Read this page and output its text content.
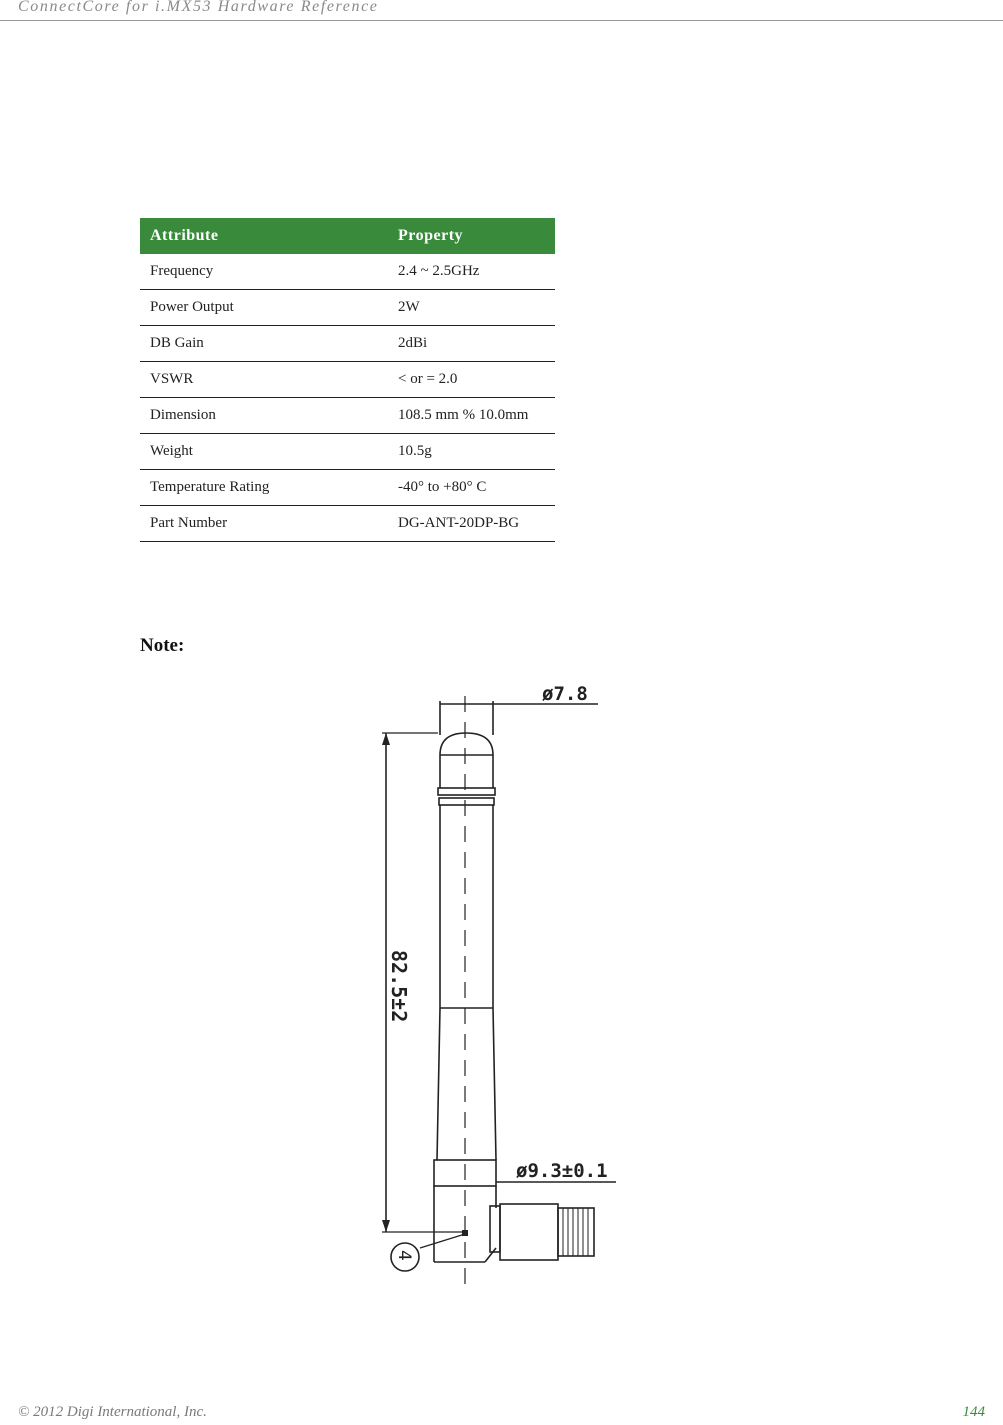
ConnectCore for i.MX53 Hardware Reference
Attribute	Property
Frequency	2.4 ~ 2.5GHz
Power Output	2W
DB Gain	2dBi
VSWR	< or = 2.0
Dimension	108.5 mm % 10.0mm
Weight	10.5g
Temperature Rating	-40° to +80° C
Part Number	DG-ANT-20DP-BG
Note:
ø7.8
ø9.3±0.1
82.5±2
4
© 2012 Digi International, Inc.	144
